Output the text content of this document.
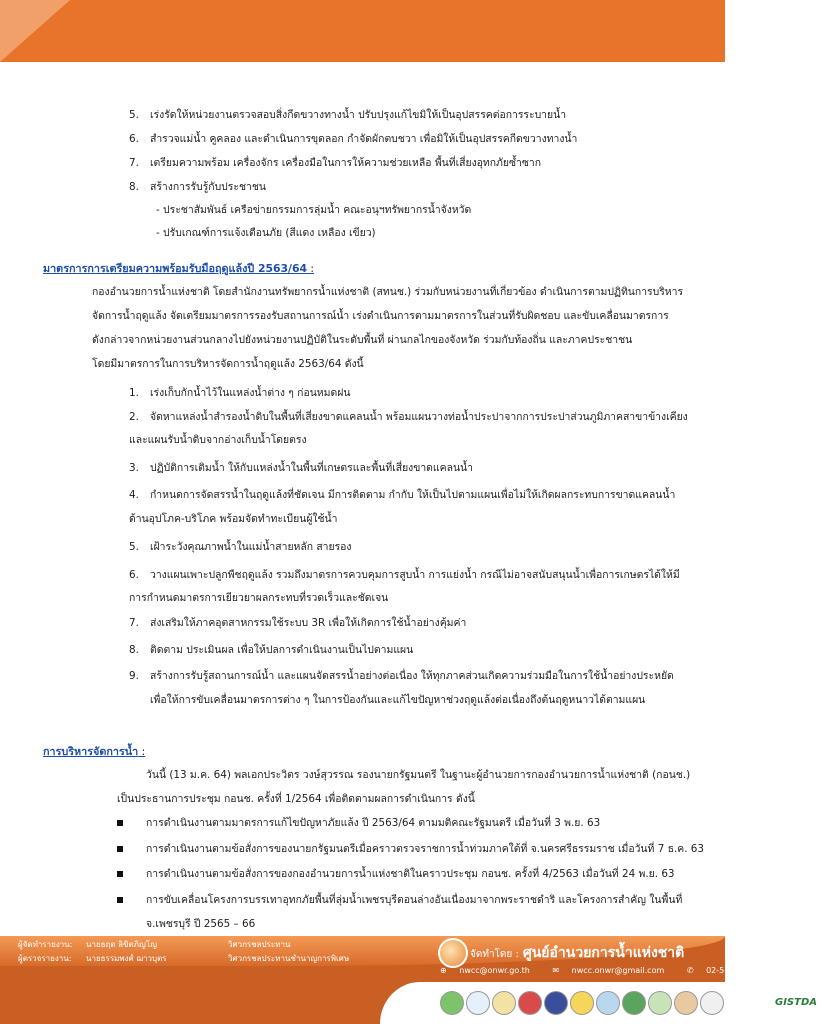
5. เร่งรัดให้หน่วยงานตรวจสอบสิ่งกีดขวางทางน้ำ ปรับปรุงแก้ไขมิให้เป็นอุปสรรคต่อการระบายน้ำ
6. สำรวจแม่น้ำ คูคลอง และดำเนินการขุดลอก กำจัดผักตบชวา เพื่อมิให้เป็นอุปสรรคกีดขวางทางน้ำ
7. เตรียมความพร้อม เครื่องจักร เครื่องมือในการให้ความช่วยเหลือ พื้นที่เสี่ยงอุทกภัยซ้ำซาก
8. สร้างการรับรู้กับประชาชน
- ประชาสัมพันธ์ เครือข่ายกรรมการลุ่มน้ำ คณะอนุฯทรัพยากรน้ำจังหวัด
- ปรับเกณฑ์การแจ้งเตือนภัย (สีแดง เหลือง เขียว)
มาตรการการเตรียมความพร้อมรับมือฤดูแล้งปี 2563/64 :
กองอำนวยการน้ำแห่งชาติ โดยสำนักงานทรัพยากรน้ำแห่งชาติ (สทนช.) ร่วมกับหน่วยงานที่เกี่ยวข้อง ดำเนินการตามปฏิทินการบริหาร
จัดการน้ำฤดูแล้ง จัดเตรียมมาตรการรองรับสถานการณ์น้ำ เร่งดำเนินการตามมาตรการในส่วนที่รับผิดชอบ และขับเคลื่อนมาตรการ
ดังกล่าวจากหน่วยงานส่วนกลางไปยังหน่วยงานปฏิบัติในระดับพื้นที่ ผ่านกลไกของจังหวัด ร่วมกับท้องถิ่น และภาคประชาชน
โดยมีมาตรการในการบริหารจัดการน้ำฤดูแล้ง 2563/64 ดังนี้
1. เร่งเก็บกักน้ำไว้ในแหล่งน้ำต่าง ๆ ก่อนหมดฝน
2. จัดหาแหล่งน้ำสำรองน้ำดิบในพื้นที่เสี่ยงขาดแคลนน้ำ พร้อมแผนวางท่อน้ำประปาจากการประปาส่วนภูมิภาคสาขาข้างเคียง
และแผนรับน้ำดิบจากอ่างเก็บน้ำโดยตรง
3. ปฏิบัติการเติมน้ำ ให้กับแหล่งน้ำในพื้นที่เกษตรและพื้นที่เสี่ยงขาดแคลนน้ำ
4. กำหนดการจัดสรรน้ำในฤดูแล้งที่ชัดเจน มีการติดตาม กำกับ ให้เป็นไปตามแผนเพื่อไม่ให้เกิดผลกระทบการขาดแคลนน้ำ
ด้านอุปโภค-บริโภค พร้อมจัดทำทะเบียนผู้ใช้น้ำ
5. เฝ้าระวังคุณภาพน้ำในแม่น้ำสายหลัก สายรอง
6. วางแผนเพาะปลูกพืชฤดูแล้ง รวมถึงมาตรการควบคุมการสูบน้ำ การแย่งน้ำ กรณีไม่อาจสนับสนุนน้ำเพื่อการเกษตรได้ให้มี
การกำหนดมาตรการเยียวยาผลกระทบที่รวดเร็วและชัดเจน
7. ส่งเสริมให้ภาคอุตสาหกรรมใช้ระบบ 3R เพื่อให้เกิดการใช้น้ำอย่างคุ้มค่า
8. ติดตาม ประเมินผล เพื่อให้ปลการดำเนินงานเป็นไปตามแผน
9. สร้างการรับรู้สถานการณ์น้ำ และแผนจัดสรรน้ำอย่างต่อเนื่อง ให้ทุกภาคส่วนเกิดความร่วมมือในการใช้น้ำอย่างประหยัด
เพื่อให้การขับเคลื่อนมาตรการต่าง ๆ ในการป้องกันและแก้ไขปัญหาช่วงฤดูแล้งต่อเนื่องถึงต้นฤดูหนาวได้ตามแผน
การบริหารจัดการน้ำ :
วันนี้ (13 ม.ค. 64) พลเอกประวิตร วงษ์สุวรรณ รองนายกรัฐมนตรี ในฐานะผู้อำนวยการกองอำนวยการน้ำแห่งชาติ (กอนช.)
เป็นประธานการประชุม กอนช. ครั้งที่ 1/2564 เพื่อติดตามผลการดำเนินการ ดังนี้
การดำเนินงานตามมาตรการแก้ไขปัญหาภัยแล้ง ปี 2563/64 ตามมติคณะรัฐมนตรี เมื่อวันที่ 3 พ.ย. 63
การดำเนินงานตามข้อสั่งการของนายกรัฐมนตรีเมื่อคราวตรวจราชการน้ำท่วมภาคใต้ที่ จ.นครศรีธรรมราช เมื่อวันที่ 7 ธ.ค. 63
การดำเนินงานตามข้อสั่งการของกองอำนวยการน้ำแห่งชาติในคราวประชุม กอนช. ครั้งที่ 4/2563 เมื่อวันที่ 24 พ.ย. 63
การขับเคลื่อนโครงการบรรเทาอุทกภัยพื้นที่ลุ่มน้ำเพชรบุรีตอนล่างอันเนื่องมาจากพระราชดำริ และโครงการสำคัญ ในพื้นที่
จ.เพชรบุรี ปี 2565 – 66
ผู้จัดทำรายงาน: นายธฤต ลิขิตภิญโญ	วิศวกรชลประทาน
ผู้ตรวจรายงาน: นายธรรมพงศ์ ฌาวบุตร	วิศวกรชลประทานชำนาญการพิเศษ	จัดทำโดย : ศูนย์อำนวยการน้ำแห่งชาติ
⊕ nwcc@onwr.go.th	✉ nwcc.onwr@gmail.com	✆ 02-554-1847, 02-554-1800
GISTDA
